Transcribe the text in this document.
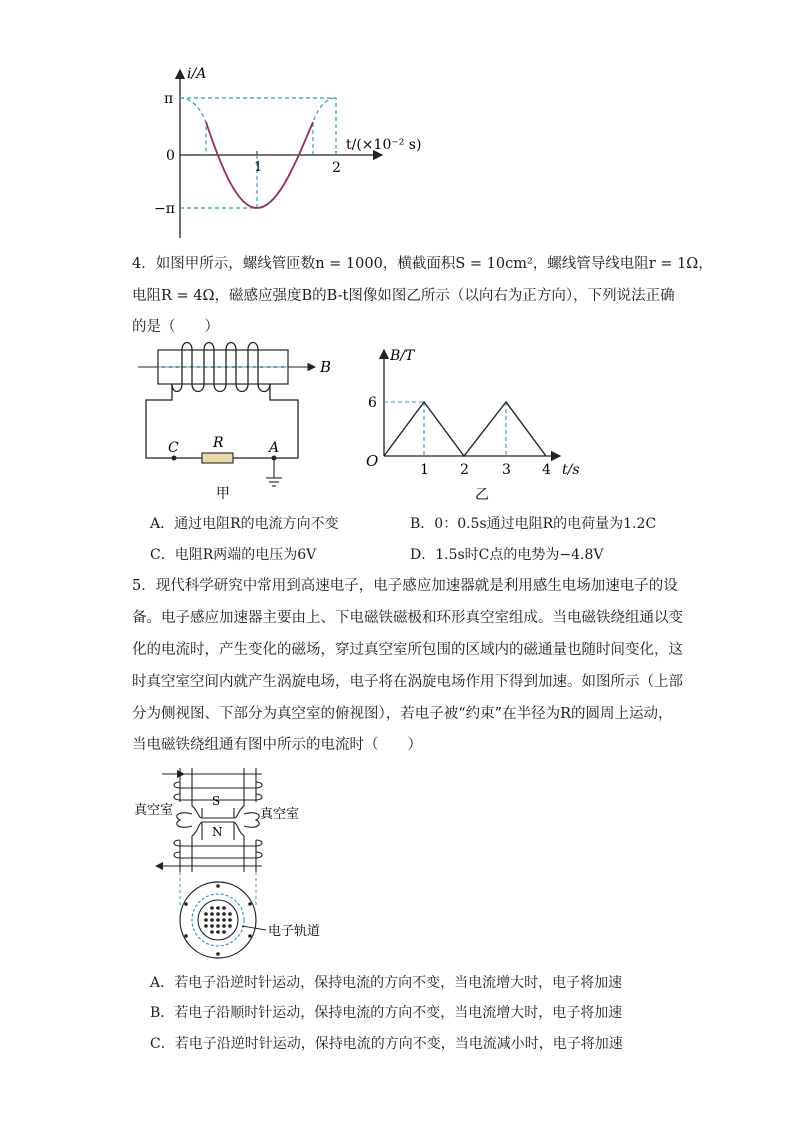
i/A
π
−π
0
1	2
t/(×10⁻² s)
4．如图甲所示，螺线管匝数n = 1000，横截面积S = 10cm²，螺线管导线电阻r = 1Ω，
电阻R = 4Ω，磁感应强度B的B-t图像如图乙所示（以向右为正方向），下列说法正确
的是（　　）
B
R
C	A
甲
B/T
6
O	1 2 3 4 t/s
乙
A．通过电阻R的电流方向不变	B．0：0.5s通过电阻R的电荷量为1.2C
C．电阻R两端的电压为6V	D．1.5s时C点的电势为−4.8V
5．现代科学研究中常用到高速电子，电子感应加速器就是利用感生电场加速电子的设
备。电子感应加速器主要由上、下电磁铁磁极和环形真空室组成。当电磁铁绕组通以变
化的电流时，产生变化的磁场，穿过真空室所包围的区域内的磁通量也随时间变化，这
时真空室空间内就产生涡旋电场，电子将在涡旋电场作用下得到加速。如图所示（上部
分为侧视图、下部分为真空室的俯视图），若电子被“约束”在半径为R的圆周上运动，
当电磁铁绕组通有图中所示的电流时（　　）
S
N
真空室	真空室
电子轨道
A．若电子沿逆时针运动，保持电流的方向不变，当电流增大时，电子将加速
B．若电子沿顺时针运动，保持电流的方向不变，当电流增大时，电子将加速
C．若电子沿逆时针运动，保持电流的方向不变，当电流减小时，电子将加速
